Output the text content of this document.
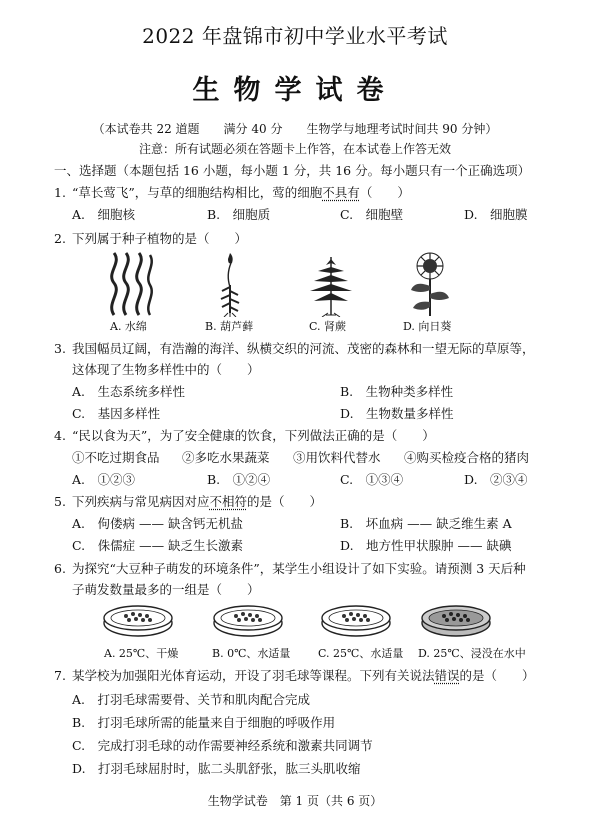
2022 年盘锦市初中学业水平考试
生物学试卷
（本试卷共 22 道题　　满分 40 分　　生物学与地理考试时间共 90 分钟）
注意：所有试题必须在答题卡上作答，在本试卷上作答无效
一、选择题（本题包括 16 小题，每小题 1 分，共 16 分。每小题只有一个正确选项）
1. “草长莺飞”，与草的细胞结构相比，莺的细胞不具有（　　）
A.　细胞核	B.　细胞质	C.　细胞壁	D.　细胞膜
2. 下列属于种子植物的是（　　）
A. 水绵	B. 葫芦藓	C. 肾蕨	D. 向日葵
3. 我国幅员辽阔，有浩瀚的海洋、纵横交织的河流、茂密的森林和一望无际的草原等，
这体现了生物多样性中的（　　）
A.　生态系统多样性	B.　生物种类多样性
C.　基因多样性	D.　生物数量多样性
4. “民以食为天”，为了安全健康的饮食，下列做法正确的是（　　）
①不吃过期食品 ②多吃水果蔬菜 ③用饮料代替水 ④购买检疫合格的猪肉
A.　①②③	B.　①②④	C.　①③④	D.　②③④
5. 下列疾病与常见病因对应不相符的是（　　）
A.　佝偻病 —— 缺含钙无机盐	B.　坏血病 —— 缺乏维生素 A
C.　侏儒症 —— 缺乏生长激素	D.　地方性甲状腺肿 —— 缺碘
6. 为探究“大豆种子萌发的环境条件”，某学生小组设计了如下实验。请预测 3 天后种
子萌发数量最多的一组是（　　）
A. 25℃、干燥	B. 0℃、水适量	C. 25℃、水适量 D. 25℃、浸没在水中
7. 某学校为加强阳光体育运动，开设了羽毛球等课程。下列有关说法错误的是（　　）
A.　打羽毛球需要骨、关节和肌肉配合完成
B.　打羽毛球所需的能量来自于细胞的呼吸作用
C.　完成打羽毛球的动作需要神经系统和激素共同调节
D.　打羽毛球屈肘时，肱二头肌舒张，肱三头肌收缩
生物学试卷　第 1 页（共 6 页）
